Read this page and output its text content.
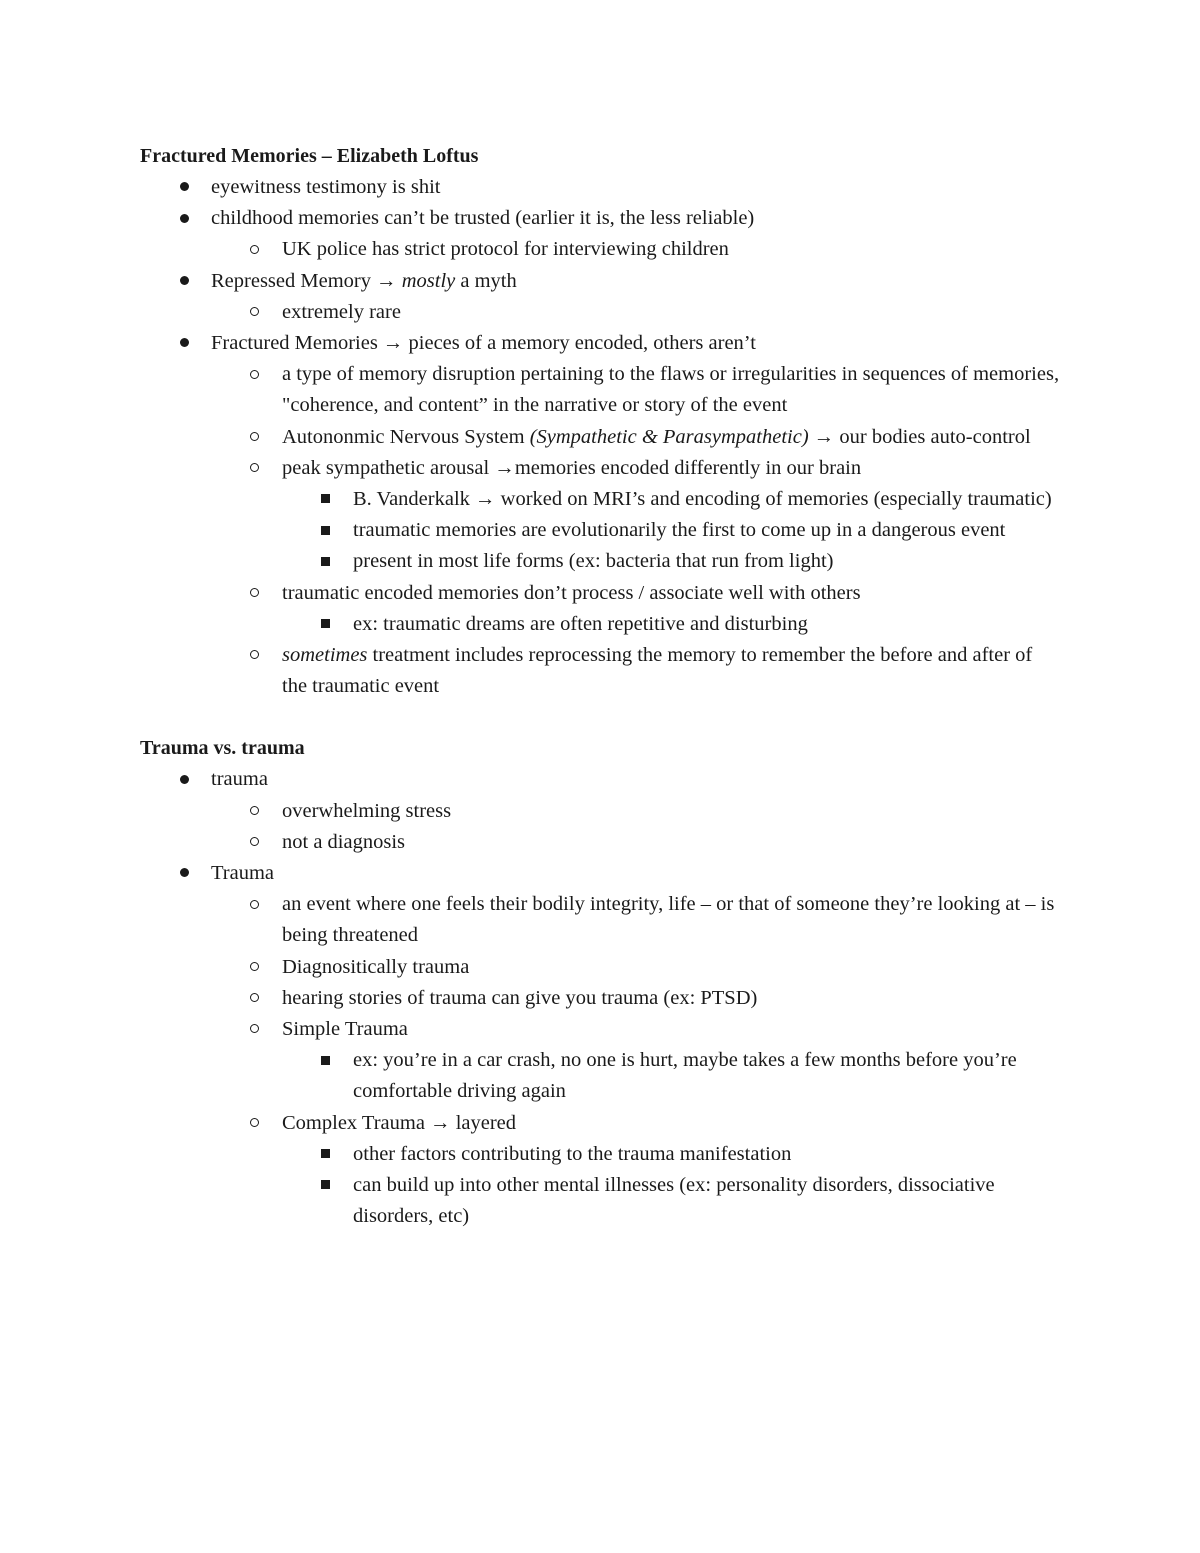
Fractured Memories – Elizabeth Loftus

eyewitness testimony is shit
childhood memories can’t be trusted (earlier it is, the less reliable)
UK police has strict protocol for interviewing children
Repressed Memory → mostly a myth
extremely rare
Fractured Memories → pieces of a memory encoded, others aren’t
a type of memory disruption pertaining to the flaws or irregularities in sequences of memories, "coherence, and content” in the narrative or story of the event
Autononmic Nervous System (Sympathetic & Parasympathetic) → our bodies auto-control
peak sympathetic arousal →memories encoded differently in our brain
B. Vanderkalk → worked on MRI’s and encoding of memories (especially traumatic)
traumatic memories are evolutionarily the first to come up in a dangerous event
present in most life forms (ex: bacteria that run from light)
traumatic encoded memories don’t process / associate well with others
ex: traumatic dreams are often repetitive and disturbing
sometimes treatment includes reprocessing the memory to remember the before and after of the traumatic event

Trauma vs. trauma

trauma
overwhelming stress
not a diagnosis
Trauma
an event where one feels their bodily integrity, life – or that of someone they’re looking at – is being threatened
Diagnositically trauma
hearing stories of trauma can give you trauma (ex: PTSD)
Simple Trauma
ex: you’re in a car crash, no one is hurt, maybe takes a few months before you’re comfortable driving again
Complex Trauma → layered
other factors contributing to the trauma manifestation
can build up into other mental illnesses (ex: personality disorders, dissociative disorders, etc)
